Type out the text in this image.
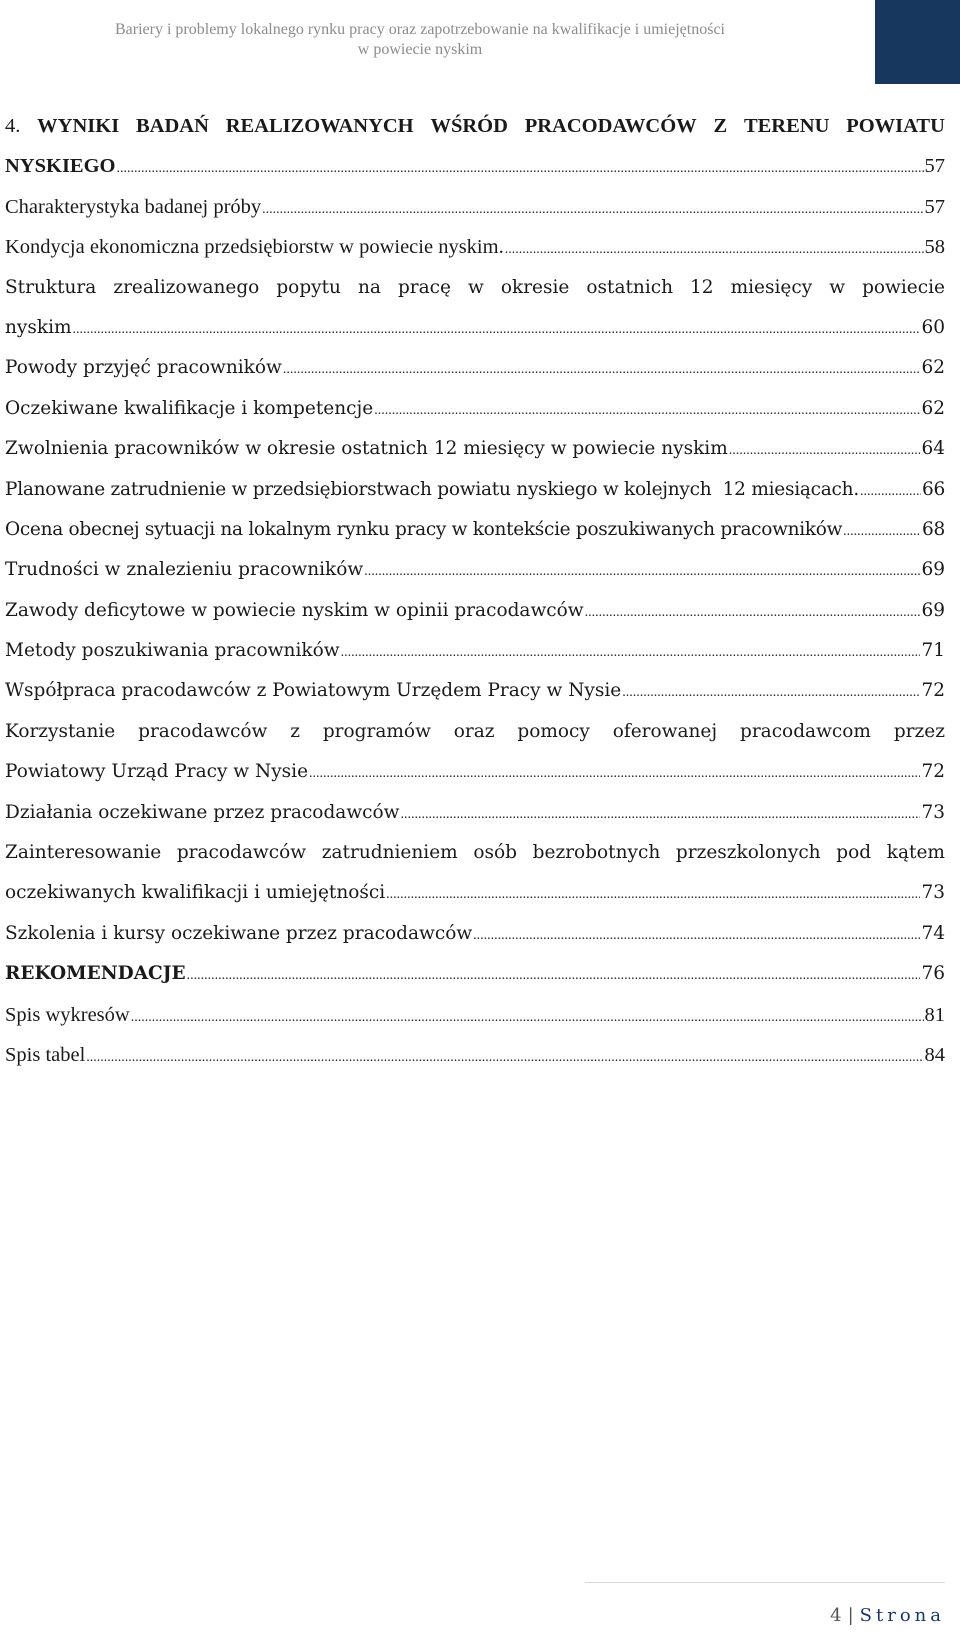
Bariery i problemy lokalnego rynku pracy oraz zapotrzebowanie na kwalifikacje i umiejętności
w powiecie nyskim
4. WYNIKI BADAŃ REALIZOWANYCH WŚRÓD PRACODAWCÓW Z TERENU POWIATU
NYSKIEGO .....	57
Charakterystyka badanej próby .....	57
Kondycja ekonomiczna przedsiębiorstw w powiecie nyskim. .....	58
Struktura zrealizowanego popytu na pracę w okresie ostatnich 12 miesięcy w powiecie
nyskim .....	60
Powody przyjęć pracowników .....	62
Oczekiwane kwalifikacje i kompetencje .....	62
Zwolnienia pracowników w okresie ostatnich 12 miesięcy w powiecie nyskim .....	64
Planowane zatrudnienie w przedsiębiorstwach powiatu nyskiego w kolejnych  12 miesiącach. .....	66
Ocena obecnej sytuacji na lokalnym rynku pracy w kontekście poszukiwanych pracowników .....	68
Trudności w znalezieniu pracowników .....	69
Zawody deficytowe w powiecie nyskim w opinii pracodawców .....	69
Metody poszukiwania pracowników .....	71
Współpraca pracodawców z Powiatowym Urzędem Pracy w Nysie .....	72
Korzystanie pracodawców z programów oraz pomocy oferowanej pracodawcom przez
Powiatowy Urząd Pracy w Nysie .....	72
Działania oczekiwane przez pracodawców .....	73
Zainteresowanie pracodawców zatrudnieniem osób bezrobotnych przeszkolonych pod kątem
oczekiwanych kwalifikacji i umiejętności .....	73
Szkolenia i kursy oczekiwane przez pracodawców .....	74
REKOMENDACJE .....	76
Spis wykresów .....	81
Spis tabel .....	84
4 | Strona
